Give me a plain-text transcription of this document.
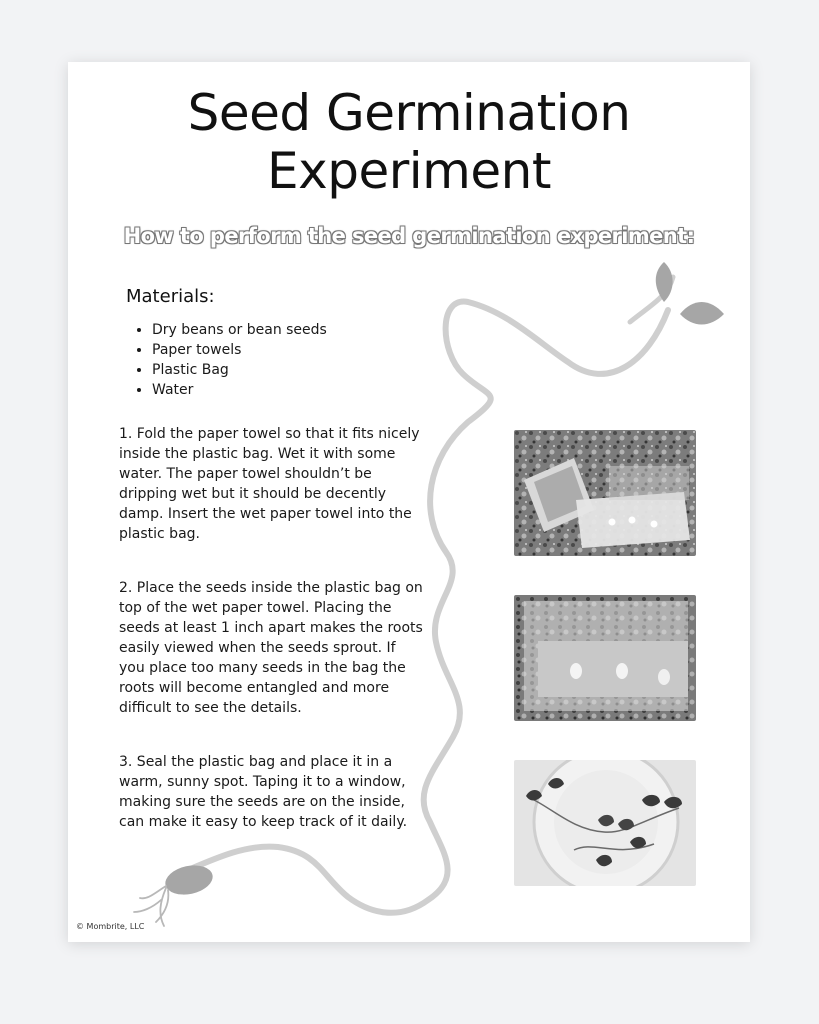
Seed Germination
Experiment
How to perform the seed germination experiment:
Materials:
• Dry beans or bean seeds
• Paper towels
• Plastic Bag
• Water

1. Fold the paper towel so that it fits nicely inside the plastic bag. Wet it with some water. The paper towel shouldn’t be dripping wet but it should be decently damp. Insert the wet paper towel into the plastic bag.

2. Place the seeds inside the plastic bag on top of the wet paper towel. Placing the seeds at least 1 inch apart makes the roots easily viewed when the seeds sprout. If you place too many seeds in the bag the roots will become entangled and more difficult to see the details.

3. Seal the plastic bag and place it in a warm, sunny spot. Taping it to a window, making sure the seeds are on the inside, can make it easy to keep track of it daily.

© Mombrite, LLC
